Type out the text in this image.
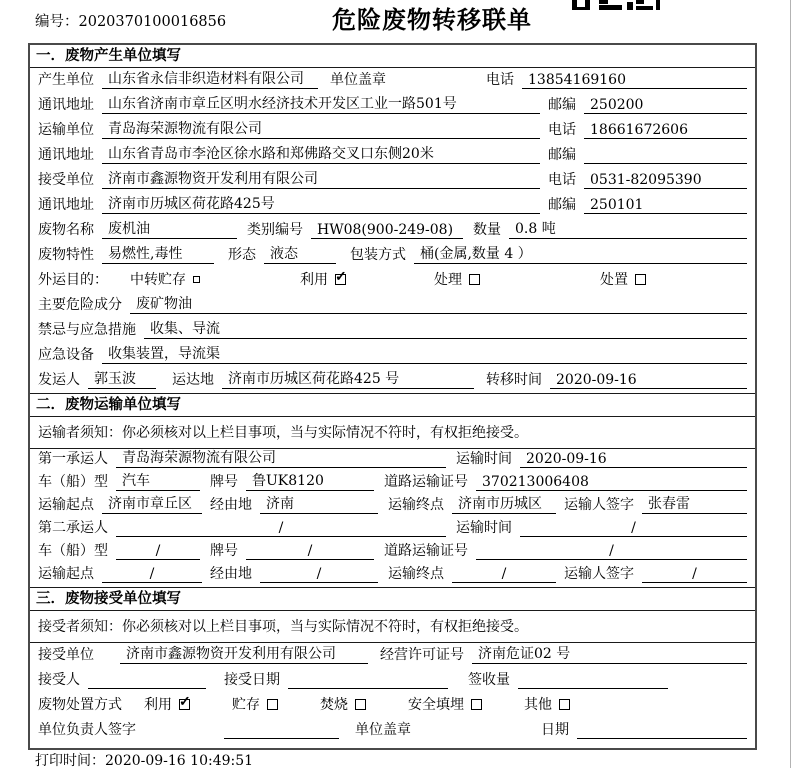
编号：2020370100016856	危险废物转移联单
一．废物产生单位填写
产生单位	山东省永信非织造材料有限公司	单位盖章	电话	13854169160
通讯地址	山东省济南市章丘区明水经济技术开发区工业一路501号	邮编	250200
运输单位	青岛海荣源物流有限公司	电话	18661672606
通讯地址	山东省青岛市李沧区徐水路和郑佛路交叉口东侧20米	邮编
接受单位	济南市鑫源物资开发利用有限公司	电话	0531-82095390
通讯地址	济南市历城区荷花路425号	邮编	250101
废物名称	废机油	类别编号	HW08(900-249-08)	数量	0.8 吨
废物特性	易燃性,毒性	形态	液态	包装方式	桶(金属,数量 4 ）
外运目的： 中转贮存	利用 ✓	处理	处置
主要危险成分	废矿物油
禁忌与应急措施	收集、导流
应急设备	收集装置，导流渠
发运人	郭玉波	运达地	济南市历城区荷花路425 号	转移时间	2020-09-16
二．废物运输单位填写
运输者须知：你必须核对以上栏目事项，当与实际情况不符时，有权拒绝接受。
第一承运人	青岛海荣源物流有限公司	运输时间	2020-09-16
车（船）型	汽车	牌号	鲁UK8120	道路运输证号	370213006408
运输起点	济南市章丘区	经由地	济南	运输终点	济南市历城区	运输人签字	张春雷
第二承运人	/	运输时间	/
车（船）型	/	牌号	/	道路运输证号	/
运输起点	/	经由地	/	运输终点	/	运输人签字	/
三．废物接受单位填写
接受者须知：你必须核对以上栏目事项，当与实际情况不符时，有权拒绝接受。
接受单位	济南市鑫源物资开发利用有限公司	经营许可证号	济南危证02 号
接受人	接受日期	签收量
废物处置方式 利用 ✓	贮存	焚烧	安全填埋	其他
单位负责人签字	单位盖章	日期
打印时间：2020-09-16 10:49:51
